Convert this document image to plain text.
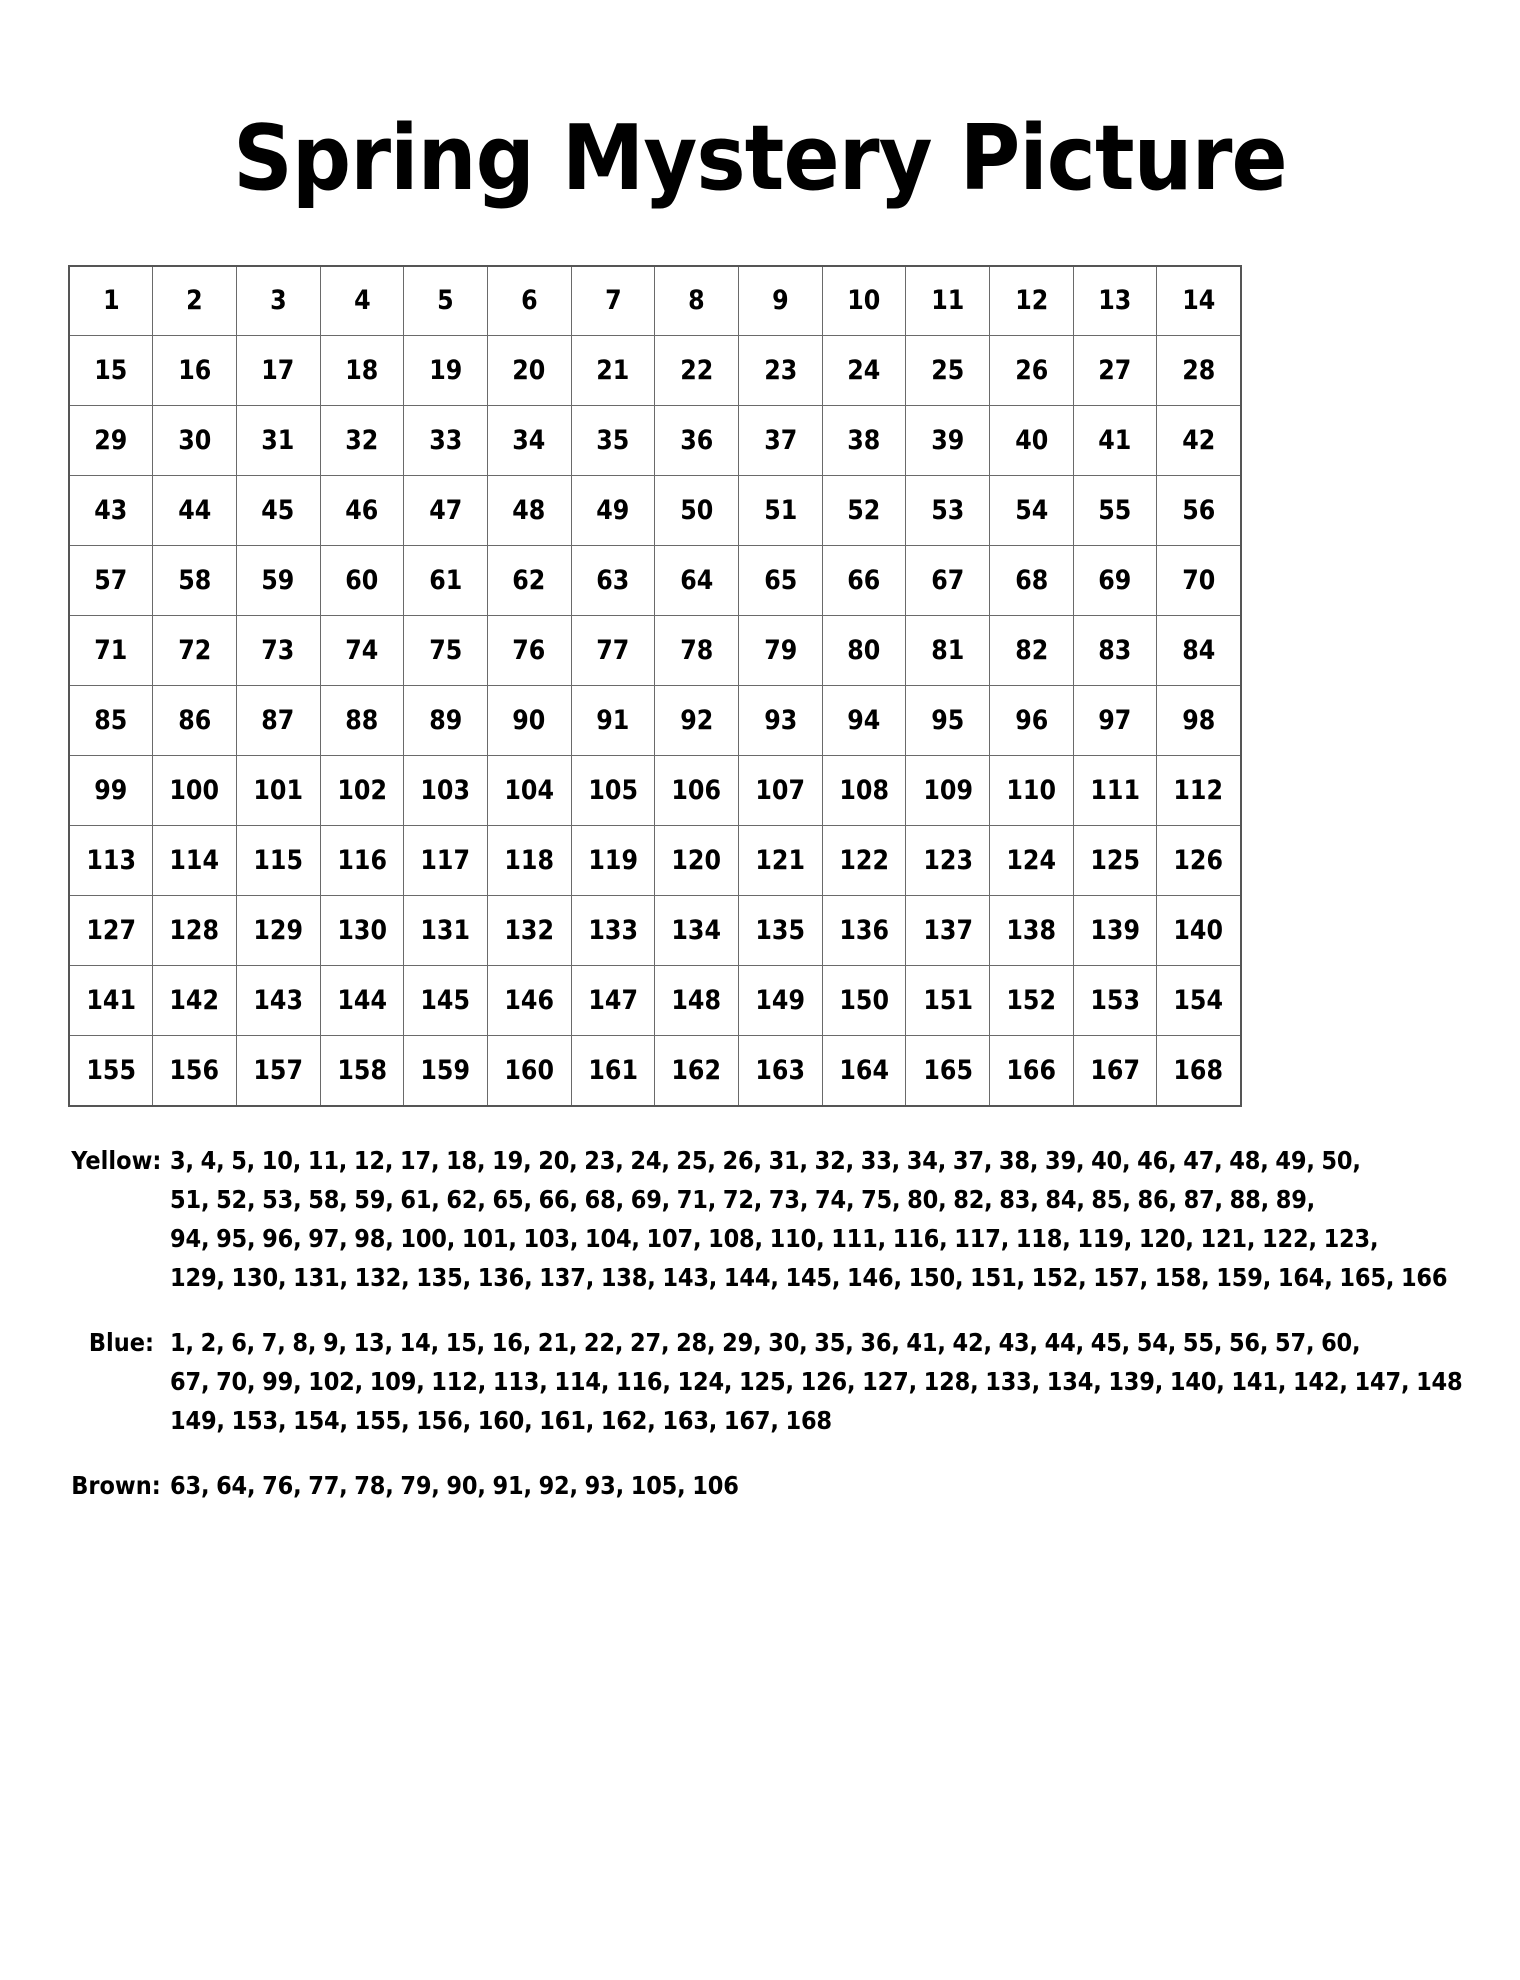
Spring Mystery Picture
1	2	3	4	5	6	7	8	9	10	11	12	13	14
15	16	17	18	19	20	21	22	23	24	25	26	27	28
29	30	31	32	33	34	35	36	37	38	39	40	41	42
43	44	45	46	47	48	49	50	51	52	53	54	55	56
57	58	59	60	61	62	63	64	65	66	67	68	69	70
71	72	73	74	75	76	77	78	79	80	81	82	83	84
85	86	87	88	89	90	91	92	93	94	95	96	97	98
99	100	101	102	103	104	105	106	107	108	109	110	111	112
113	114	115	116	117	118	119	120	121	122	123	124	125	126
127	128	129	130	131	132	133	134	135	136	137	138	139	140
141	142	143	144	145	146	147	148	149	150	151	152	153	154
155	156	157	158	159	160	161	162	163	164	165	166	167	168
Yellow: 3, 4, 5, 10, 11, 12, 17, 18, 19, 20, 23, 24, 25, 26, 31, 32, 33, 34, 37, 38, 39, 40, 46, 47, 48, 49, 50,
51, 52, 53, 58, 59, 61, 62, 65, 66, 68, 69, 71, 72, 73, 74, 75, 80, 82, 83, 84, 85, 86, 87, 88, 89,
94, 95, 96, 97, 98, 100, 101, 103, 104, 107, 108, 110, 111, 116, 117, 118, 119, 120, 121, 122, 123,
129, 130, 131, 132, 135, 136, 137, 138, 143, 144, 145, 146, 150, 151, 152, 157, 158, 159, 164, 165, 166
Blue: 1, 2, 6, 7, 8, 9, 13, 14, 15, 16, 21, 22, 27, 28, 29, 30, 35, 36, 41, 42, 43, 44, 45, 54, 55, 56, 57, 60,
67, 70, 99, 102, 109, 112, 113, 114, 116, 124, 125, 126, 127, 128, 133, 134, 139, 140, 141, 142, 147, 148
149, 153, 154, 155, 156, 160, 161, 162, 163, 167, 168
Brown: 63, 64, 76, 77, 78, 79, 90, 91, 92, 93, 105, 106
